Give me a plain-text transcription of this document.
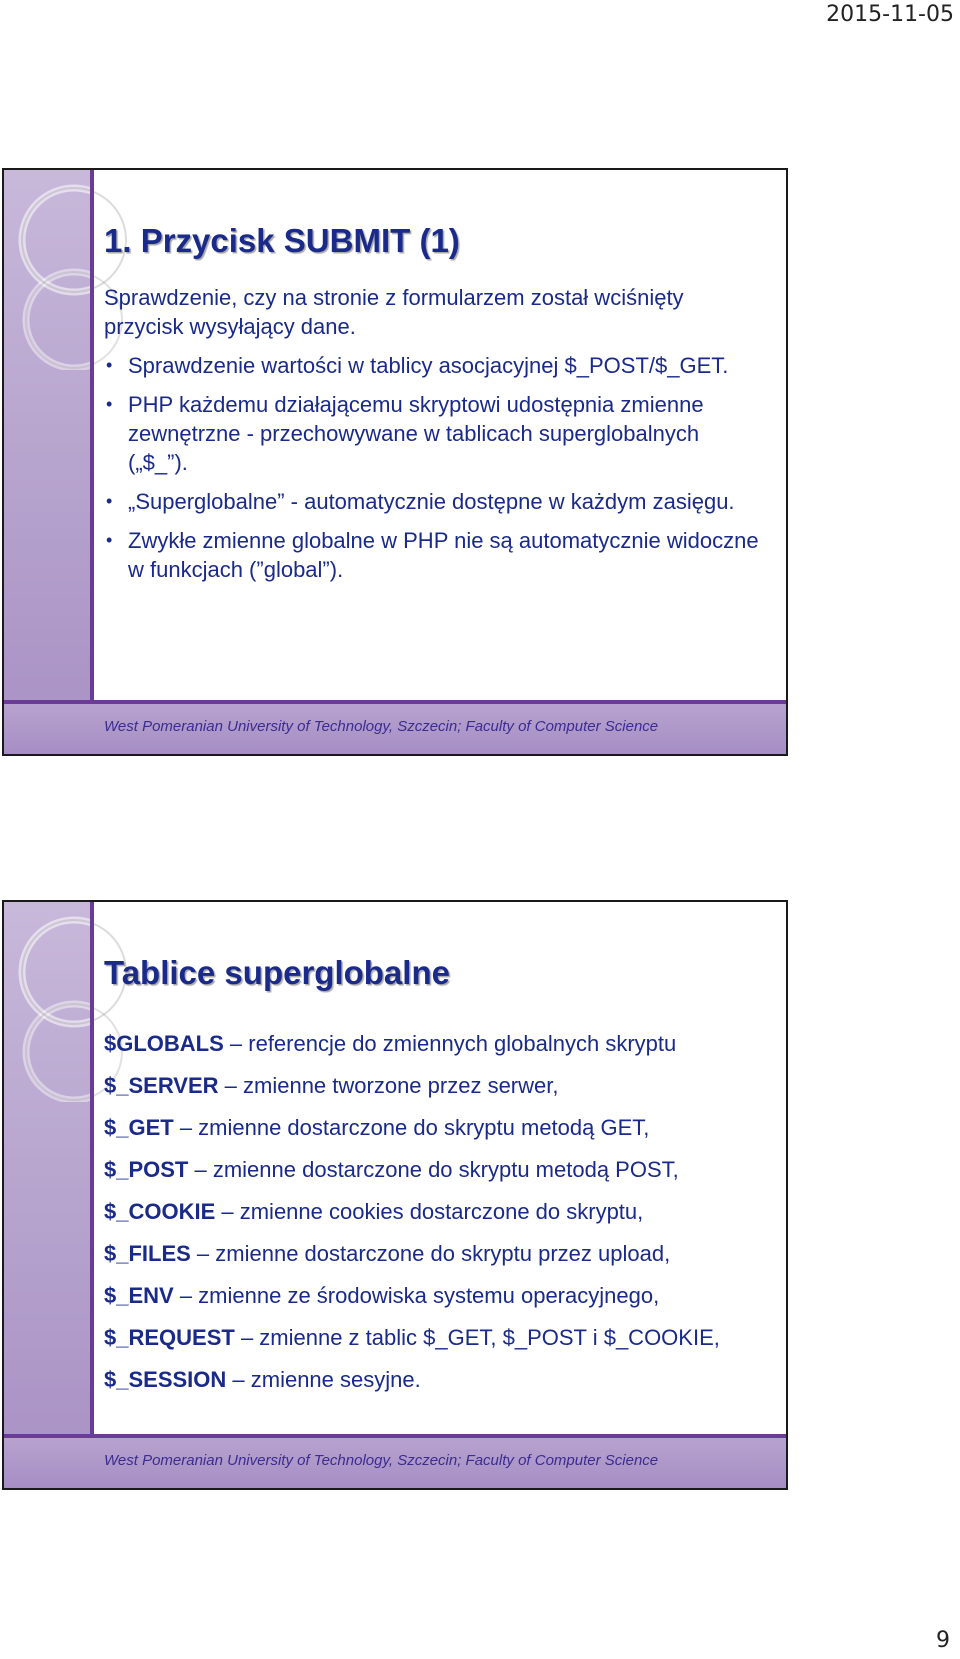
2015-11-05
1. Przycisk SUBMIT (1)

Sprawdzenie, czy na stronie z formularzem został wciśnięty przycisk wysyłający dane.

• Sprawdzenie wartości w tablicy asocjacyjnej $_POST/$_GET.
• PHP każdemu działającemu skryptowi udostępnia zmienne zewnętrzne - przechowywane w tablicach superglobalnych („$_”).
• „Superglobalne” - automatycznie dostępne w każdym zasięgu.
• Zwykłe zmienne globalne w PHP nie są automatycznie widoczne w funkcjach (”global”).
West Pomeranian University of Technology, Szczecin; Faculty of Computer Science
Tablice superglobalne
$GLOBALS – referencje do zmiennych globalnych skryptu
$_SERVER – zmienne tworzone przez serwer,
$_GET – zmienne dostarczone do skryptu metodą GET,
$_POST – zmienne dostarczone do skryptu metodą POST,
$_COOKIE – zmienne cookies dostarczone do skryptu,
$_FILES – zmienne dostarczone do skryptu przez upload,
$_ENV – zmienne ze środowiska systemu operacyjnego,
$_REQUEST – zmienne z tablic $_GET, $_POST i $_COOKIE,
$_SESSION – zmienne sesyjne.
West Pomeranian University of Technology, Szczecin; Faculty of Computer Science
9
